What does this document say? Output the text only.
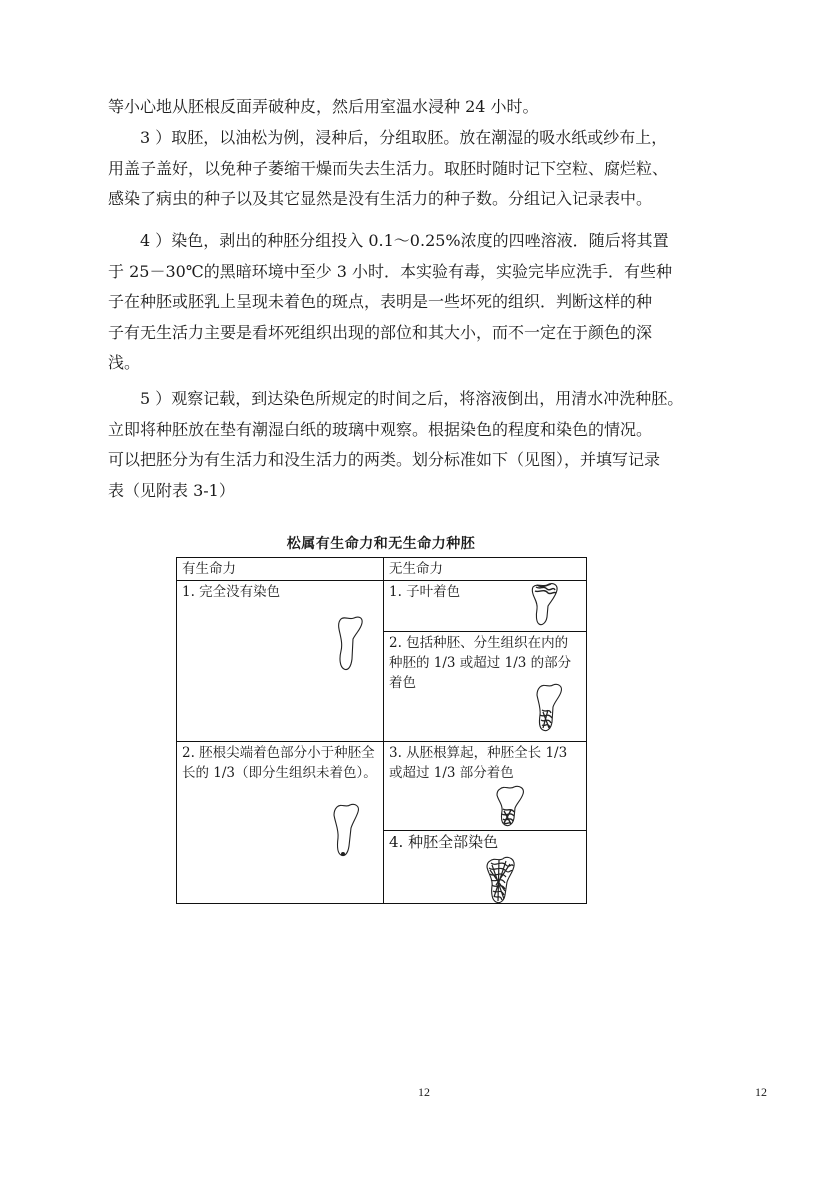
等小心地从胚根反面弄破种皮，然后用室温水浸种 24 小时。

3 ）取胚，以油松为例，浸种后，分组取胚。放在潮湿的吸水纸或纱布上，
用盖子盖好，以免种子萎缩干燥而失去生活力。取胚时随时记下空粒、腐烂粒、
感染了病虫的种子以及其它显然是没有生活力的种子数。分组记入记录表中。

4 ）染色，剥出的种胚分组投入 0.1～0.25%浓度的四唑溶液．随后将其置
于 25－30℃的黑暗环境中至少 3 小时．本实验有毒，实验完毕应洗手．有些种
子在种胚或胚乳上呈现未着色的斑点，表明是一些坏死的组织．判断这样的种
子有无生活力主要是看坏死组织出现的部位和其大小，而不一定在于颜色的深
浅。

5 ）观察记载，到达染色所规定的时间之后，将溶液倒出，用清水冲洗种胚。
立即将种胚放在垫有潮湿白纸的玻璃中观察。根据染色的程度和染色的情况。
可以把胚分为有生活力和没生活力的两类。划分标准如下（见图），并填写记录
表（见附表 3-1）

松属有生命力和无生命力种胚
有生命力	无生命力

1. 完全没有染色	1. 子叶着色

	2. 包括种胚、分生组织在内的种胚的 1/3 或超过 1/3 的部分着色

2. 胚根尖端着色部分小于种胚全长的 1/3（即分生组织未着色）。	3. 从胚根算起，种胚全长 1/3 或超过 1/3 部分着色

	4. 种胚全部染色
12	12
